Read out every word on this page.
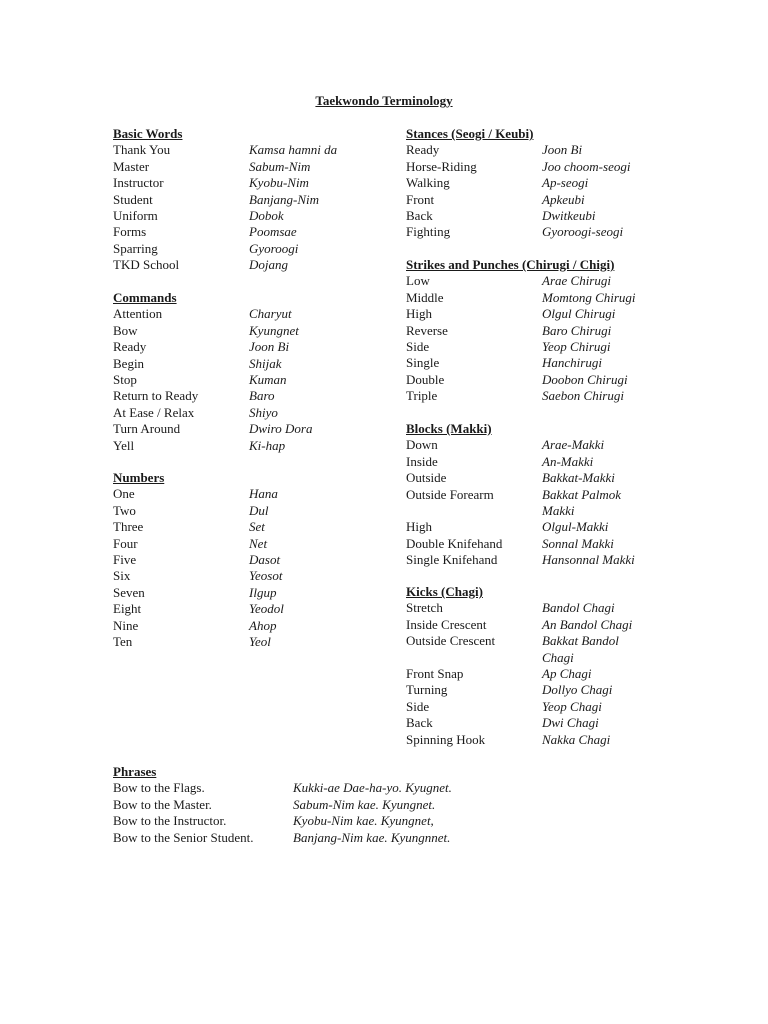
Taekwondo Terminology
Basic Words
Thank You	Kamsa hamni da
Master	Sabum-Nim
Instructor	Kyobu-Nim
Student	Banjang-Nim
Uniform	Dobok
Forms	Poomsae
Sparring	Gyoroogi
TKD School	Dojang
Commands
Attention	Charyut
Bow	Kyungnet
Ready	Joon Bi
Begin	Shijak
Stop	Kuman
Return to Ready	Baro
At Ease / Relax	Shiyo
Turn Around	Dwiro Dora
Yell	Ki-hap
Numbers
One	Hana
Two	Dul
Three	Set
Four	Net
Five	Dasot
Six	Yeosot
Seven	Ilgup
Eight	Yeodol
Nine	Ahop
Ten	Yeol
Stances (Seogi / Keubi)
Ready	Joon Bi
Horse-Riding	Joo choom-seogi
Walking	Ap-seogi
Front	Apkeubi
Back	Dwitkeubi
Fighting	Gyoroogi-seogi
Strikes and Punches (Chirugi / Chigi)
Low	Arae Chirugi
Middle	Momtong Chirugi
High	Olgul Chirugi
Reverse	Baro Chirugi
Side	Yeop Chirugi
Single	Hanchirugi
Double	Doobon Chirugi
Triple	Saebon Chirugi
Blocks (Makki)
Down	Arae-Makki
Inside	An-Makki
Outside	Bakkat-Makki
Outside Forearm	Bakkat Palmok Makki
High	Olgul-Makki
Double Knifehand	Sonnal Makki
Single Knifehand	Hansonnal Makki
Kicks (Chagi)
Stretch	Bandol Chagi
Inside Crescent	An Bandol Chagi
Outside Crescent	Bakkat Bandol Chagi
Front Snap	Ap Chagi
Turning	Dollyo Chagi
Side	Yeop Chagi
Back	Dwi Chagi
Spinning Hook	Nakka Chagi
Phrases
Bow to the Flags.	Kukki-ae Dae-ha-yo. Kyugnet.
Bow to the Master.	Sabum-Nim kae. Kyungnet.
Bow to the Instructor.	Kyobu-Nim kae. Kyungnet,
Bow to the Senior Student.	Banjang-Nim kae. Kyungnnet.
